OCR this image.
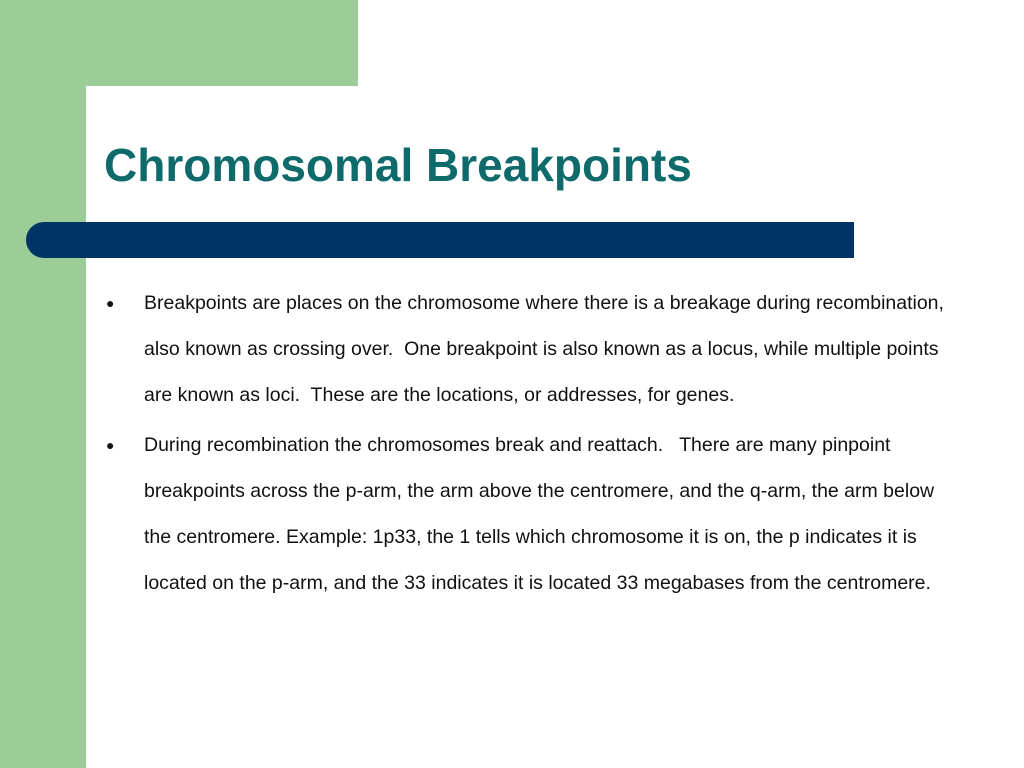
Chromosomal Breakpoints
● Breakpoints are places on the chromosome where there is a breakage during recombination, also known as crossing over.  One breakpoint is also known as a locus, while multiple points are known as loci.  These are the locations, or addresses, for genes.
● During recombination the chromosomes break and reattach.   There are many pinpoint breakpoints across the p-arm, the arm above the centromere, and the q-arm, the arm below the centromere. Example: 1p33, the 1 tells which chromosome it is on, the p indicates it is located on the p-arm, and the 33 indicates it is located 33 megabases from the centromere.
